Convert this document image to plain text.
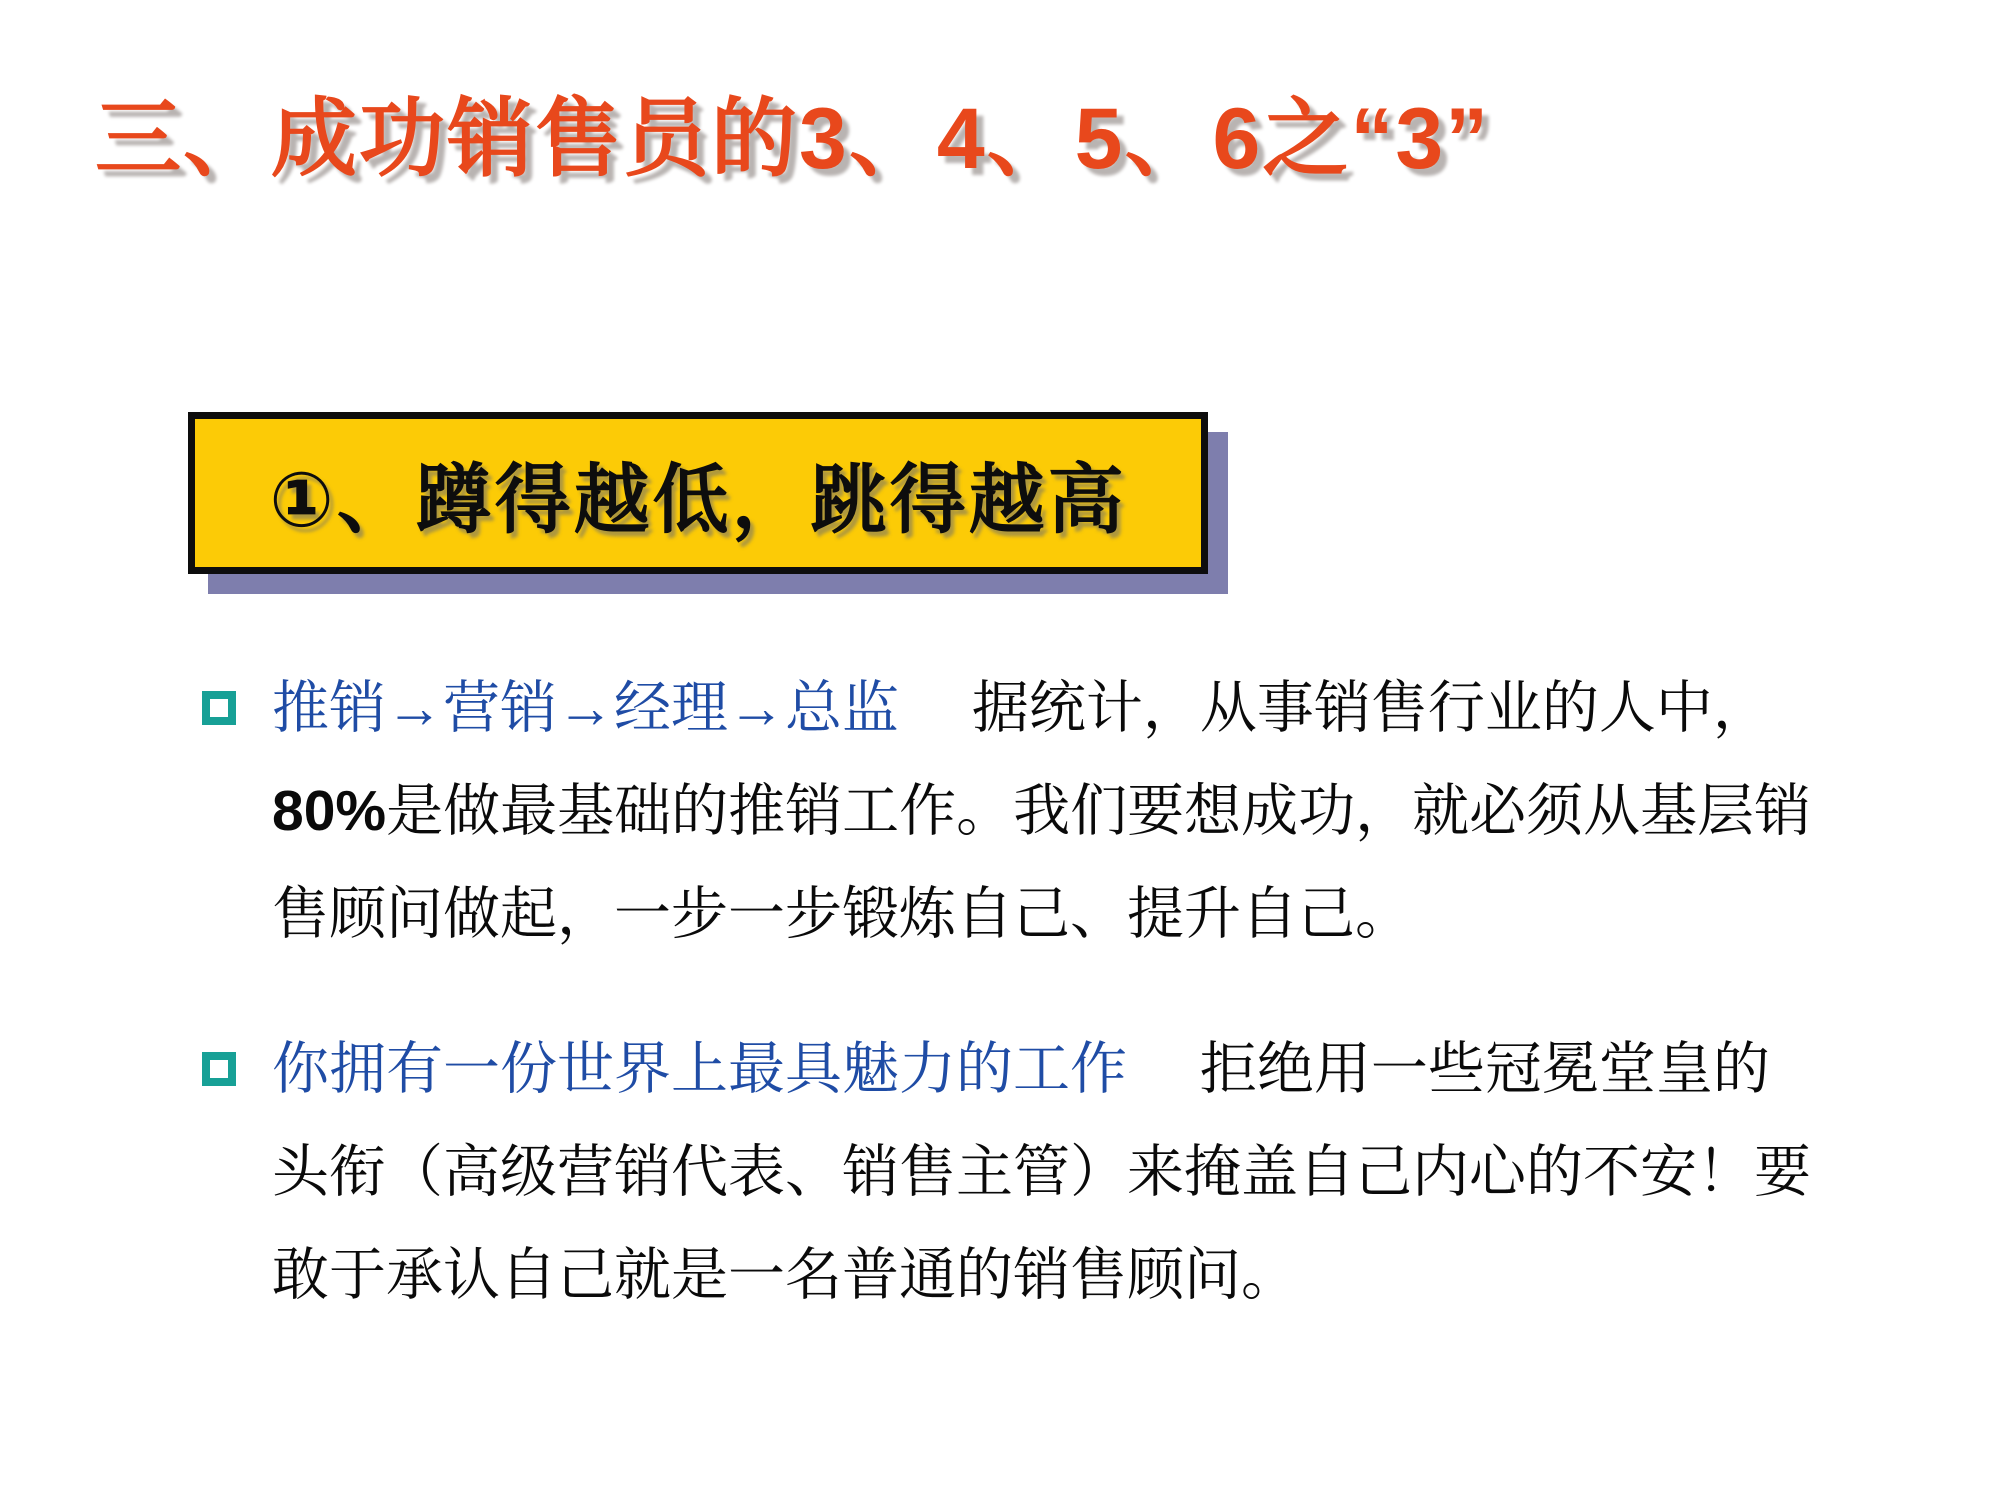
三、成功销售员的3、4、5、6之“3”
①、蹲得越低，跳得越高
推销→营销→经理→总监　 据统计，从事销售行业的人中，
80%是做最基础的推销工作。我们要想成功，就必须从基层销
售顾问做起，一步一步锻炼自己、提升自己。
你拥有一份世界上最具魅力的工作　 拒绝用一些冠冕堂皇的
头衔（高级营销代表、销售主管）来掩盖自己内心的不安！要
敢于承认自己就是一名普通的销售顾问。
